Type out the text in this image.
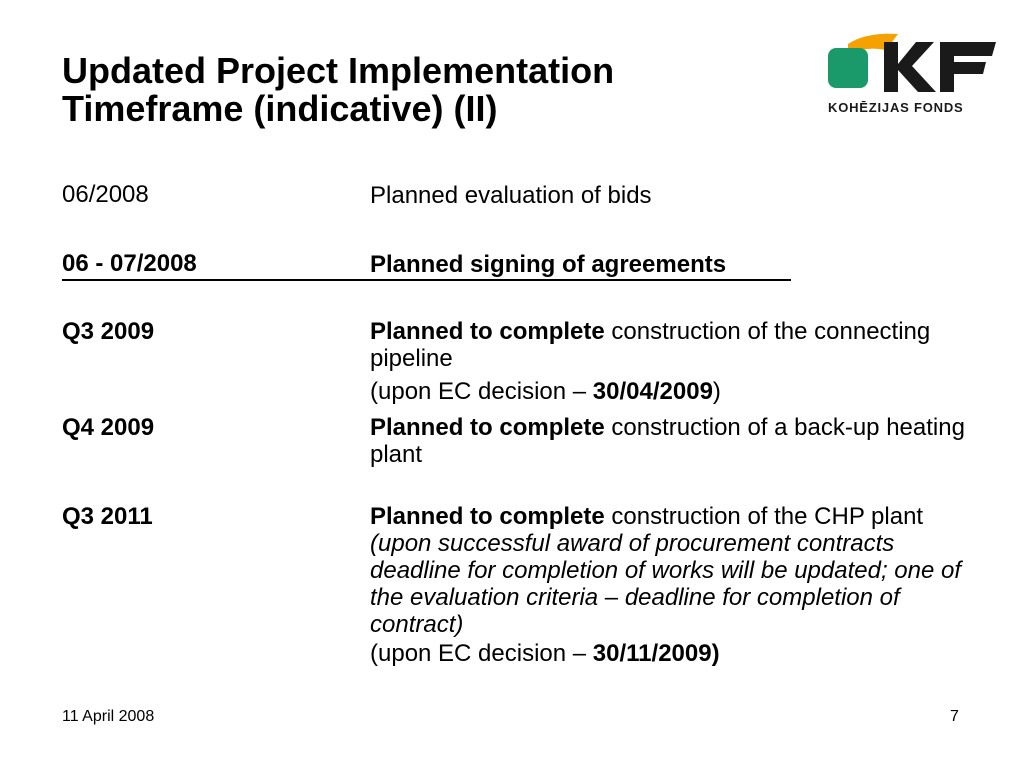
Updated Project Implementation
Timeframe (indicative) (II)	KOHĒZIJAS FONDS
06/2008	Planned evaluation of bids
06 - 07/2008	Planned signing of agreements
Q3 2009	Planned to complete construction of the connecting pipeline
(upon EC decision – 30/04/2009)
Q4 2009	Planned to complete construction of a back-up heating plant
Q3 2011	Planned to complete construction of the CHP plant (upon successful award of procurement contracts deadline for completion of works will be updated; one of the evaluation criteria – deadline for completion of contract)
(upon EC decision – 30/11/2009)
11 April 2008	7
